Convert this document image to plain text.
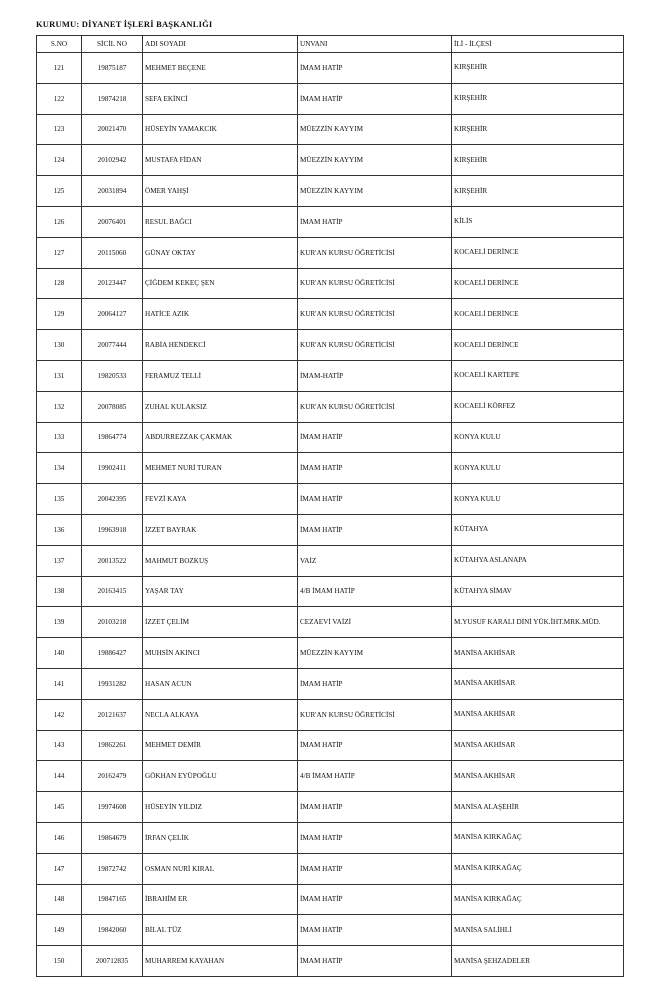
KURUMU: DİYANET İŞLERİ BAŞKANLIĞI
S.NO	SİCİL NO	ADI SOYADI	UNVANI	İLİ - İLÇESİ
121	19875187	MEHMET BEÇENE	İMAM HATİP	KIRŞEHİR
122	19874218	SEFA EKİNCİ	İMAM HATİP	KIRŞEHİR
123	20021470	HÜSEYİN YAMAKCIK	MÜEZZİN KAYYIM	KIRŞEHİR
124	20102942	MUSTAFA FİDAN	MÜEZZİN KAYYIM	KIRŞEHİR
125	20031894	ÖMER YAHŞİ	MÜEZZİN KAYYIM	KIRŞEHİR
126	20076401	RESUL BAĞCI	İMAM HATİP	KİLİS
127	20115060	GÜNAY OKTAY	KUR'AN KURSU ÖĞRETİCİSİ	KOCAELİ DERİNCE
128	20123447	ÇİĞDEM KEKEÇ ŞEN	KUR'AN KURSU ÖĞRETİCİSİ	KOCAELİ DERİNCE
129	20064127	HATİCE AZIK	KUR'AN KURSU ÖĞRETİCİSİ	KOCAELİ DERİNCE
130	20077444	RABİA HENDEKCİ	KUR'AN KURSU ÖĞRETİCİSİ	KOCAELİ DERİNCE
131	19820533	FERAMUZ TELLİ	İMAM-HATİP	KOCAELİ KARTEPE
132	20078085	ZUHAL KULAKSIZ	KUR'AN KURSU ÖĞRETİCİSİ	KOCAELİ KÖRFEZ
133	19864774	ABDURREZZAK ÇAKMAK	İMAM HATİP	KONYA KULU
134	19902411	MEHMET NURİ TURAN	İMAM HATİP	KONYA KULU
135	20042395	FEVZİ KAYA	İMAM HATİP	KONYA KULU
136	19963918	İZZET BAYRAK	İMAM HATİP	KÜTAHYA
137	20013522	MAHMUT BOZKUŞ	VAİZ	KÜTAHYA ASLANAPA
138	20163415	YAŞAR TAY	4/B İMAM HATİP	KÜTAHYA SİMAV
139	20103218	İZZET ÇELİM	CEZAEVİ VAİZİ	M.YUSUF KARALI DİNİ YÜK.İHT.MRK.MÜD.
140	19886427	MUHSİN AKINCI	MÜEZZİN KAYYIM	MANİSA AKHİSAR
141	19931282	HASAN ACUN	İMAM HATİP	MANİSA AKHİSAR
142	20121637	NECLA ALKAYA	KUR'AN KURSU ÖĞRETİCİSİ	MANİSA AKHİSAR
143	19862261	MEHMET DEMİR	İMAM HATİP	MANİSA AKHİSAR
144	20162479	GÖKHAN EYÜPOĞLU	4/B İMAM HATİP	MANİSA AKHİSAR
145	19974608	HÜSEYİN YILDIZ	İMAM HATİP	MANİSA ALAŞEHİR
146	19864679	İRFAN ÇELİK	İMAM HATİP	MANİSA KIRKAĞAÇ
147	19872742	OSMAN NURİ KIRAL	İMAM HATİP	MANİSA KIRKAĞAÇ
148	19847165	İBRAHİM ER	İMAM HATİP	MANİSA KIRKAĞAÇ
149	19842060	BİLAL TÜZ	İMAM HATİP	MANİSA SALİHLİ
150	200712835	MUHARREM KAYAHAN	İMAM HATİP	MANİSA ŞEHZADELER
